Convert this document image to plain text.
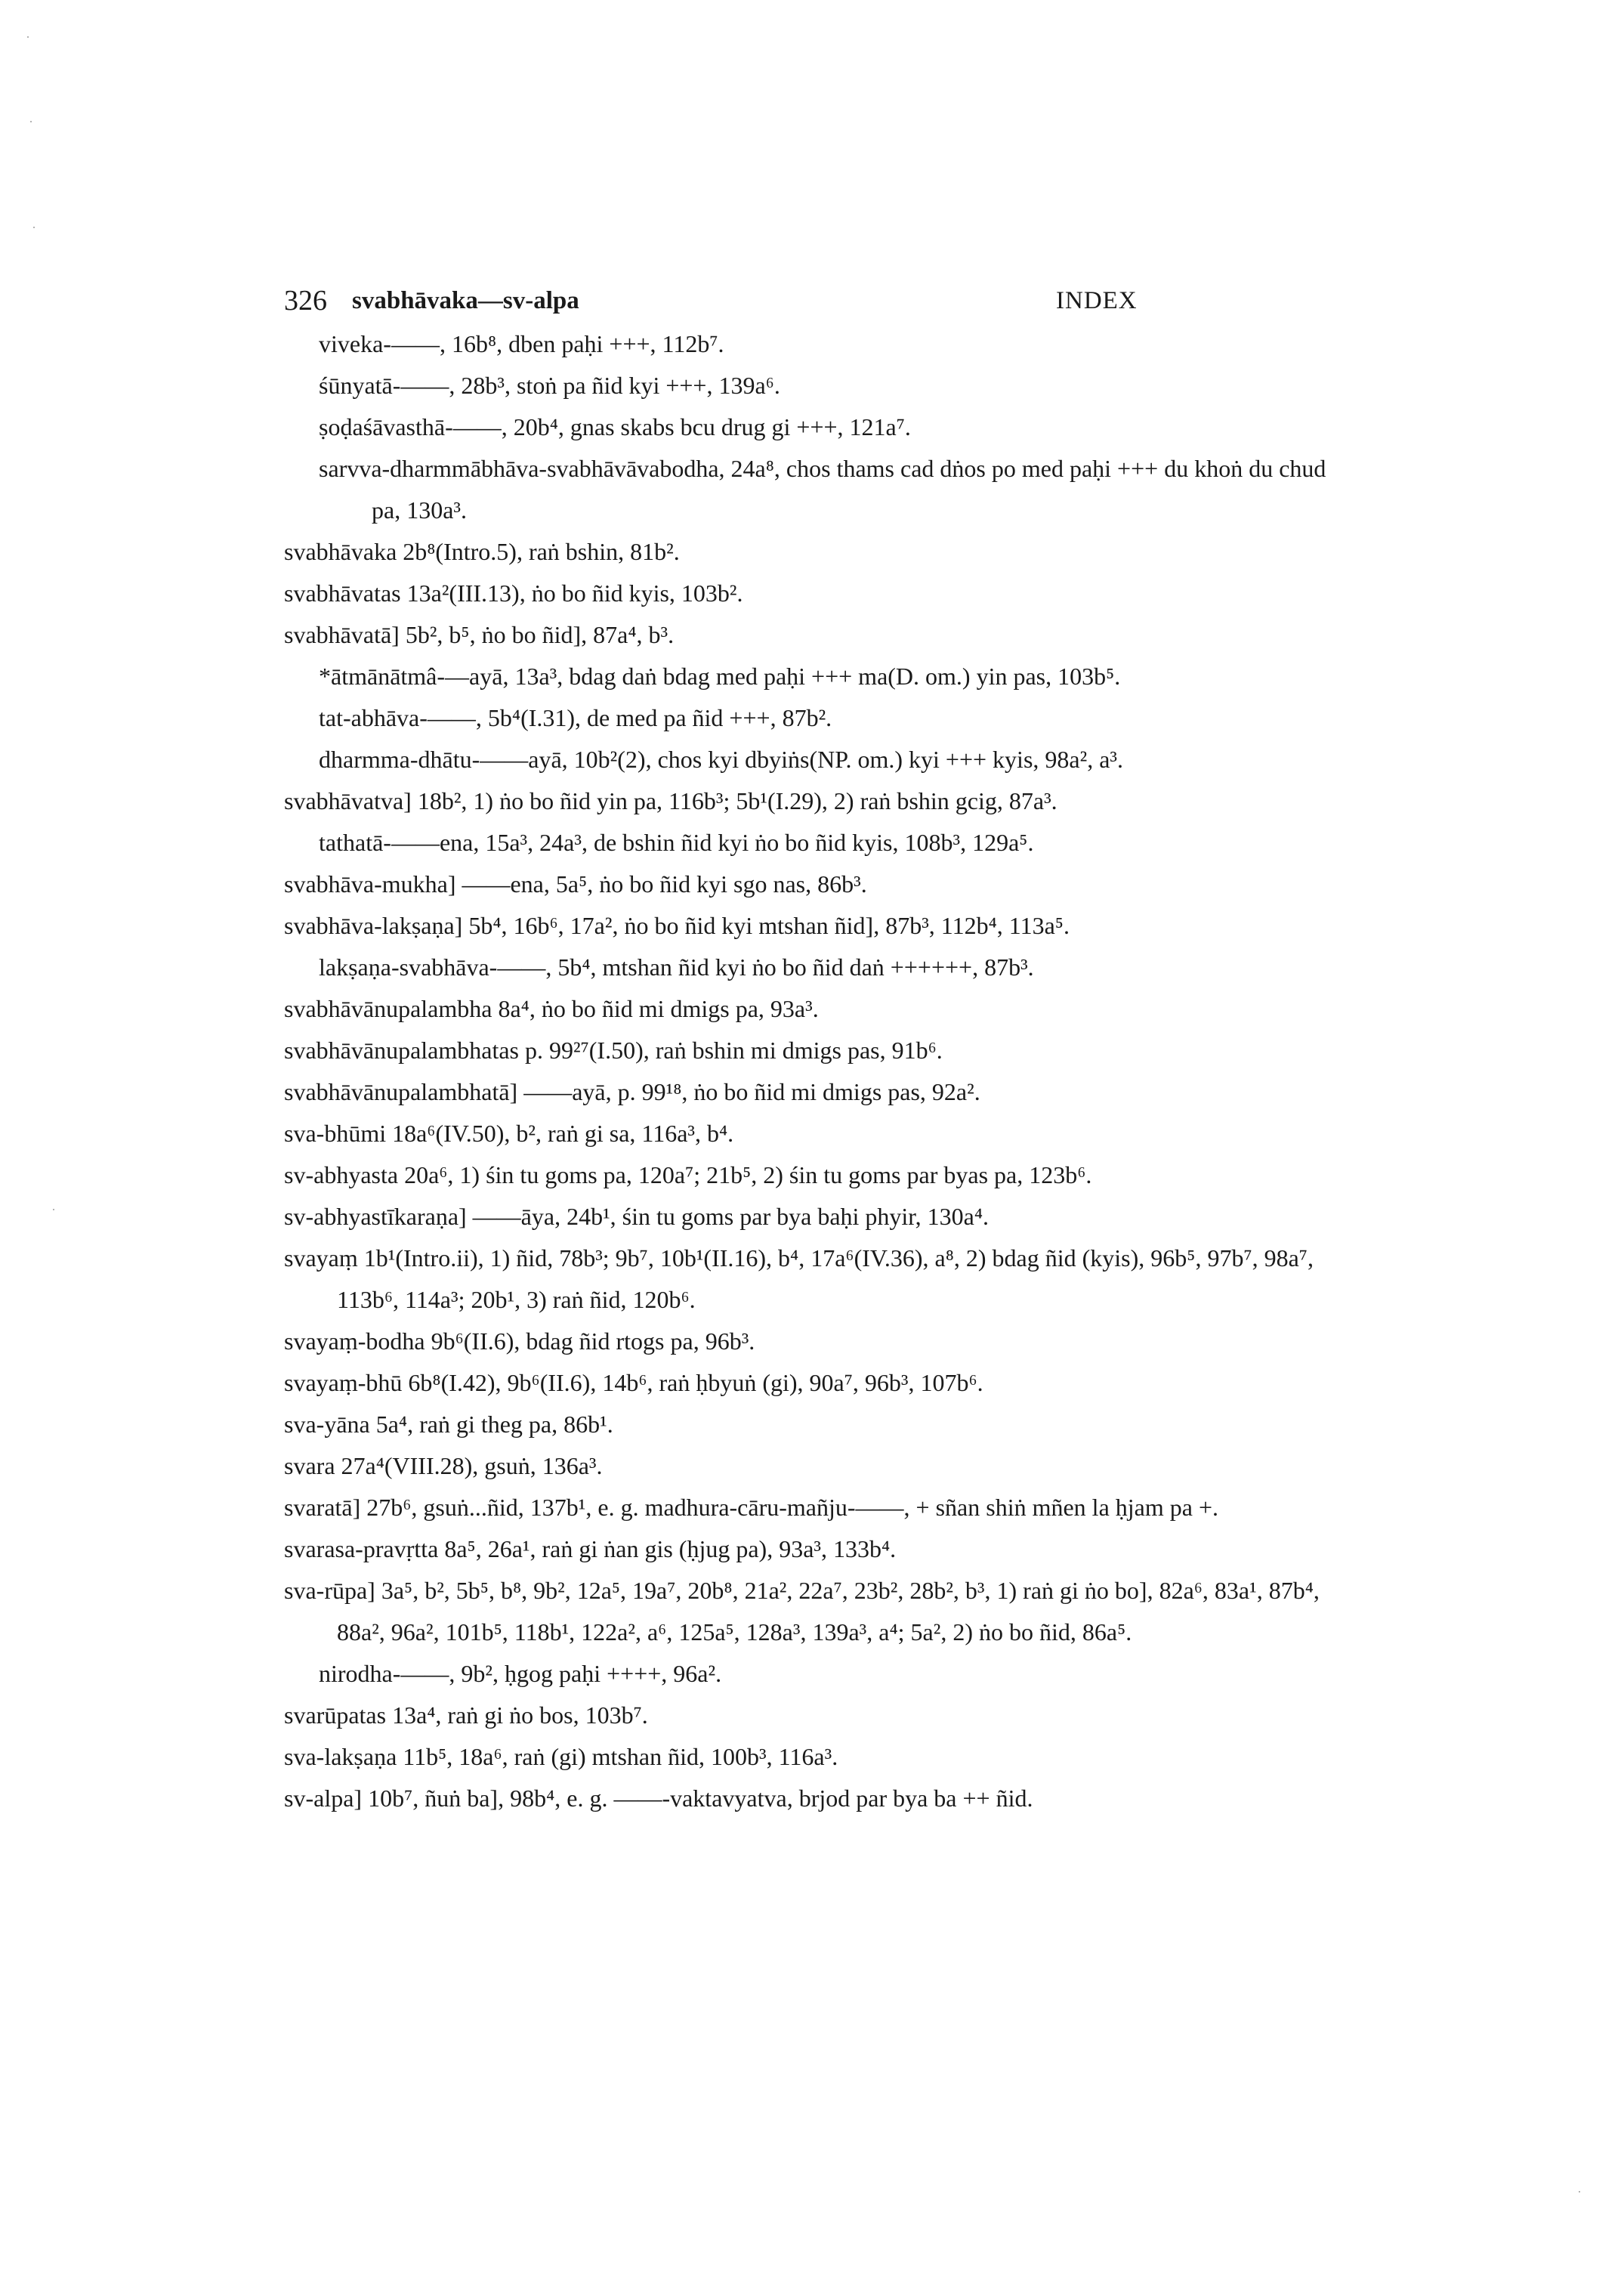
326 svabhāvaka—sv-alpa	INDEX

viveka-——, 16b⁸, dben paḥi +++, 112b⁷.

śūnyatā-——, 28b³, stoṅ pa ñid kyi +++, 139a⁶.

ṣoḍaśāvasthā-——, 20b⁴, gnas skabs bcu drug gi +++, 121a⁷.

sarvva-dharmmābhāva-svabhāvāvabodha, 24a⁸, chos thams cad dṅos po med paḥi +++ du khoṅ du chud pa, 130a³.

svabhāvaka 2b⁸(Intro.5), raṅ bshin, 81b².

svabhāvatas 13a²(III.13), ṅo bo ñid kyis, 103b².

svabhāvatā] 5b², b⁵, ṅo bo ñid], 87a⁴, b³.

*ātmānātmâ-—ayā, 13a³, bdag daṅ bdag med paḥi +++ ma(D. om.) yin pas, 103b⁵.

tat-abhāva-——, 5b⁴(I.31), de med pa ñid +++, 87b².

dharmma-dhātu-——ayā, 10b²(2), chos kyi dbyiṅs(NP. om.) kyi +++ kyis, 98a², a³.

svabhāvatva] 18b², 1) ṅo bo ñid yin pa, 116b³; 5b¹(I.29), 2) raṅ bshin gcig, 87a³.

tathatā-——ena, 15a³, 24a³, de bshin ñid kyi ṅo bo ñid kyis, 108b³, 129a⁵.

svabhāva-mukha] ——ena, 5a⁵, ṅo bo ñid kyi sgo nas, 86b³.

svabhāva-lakṣaṇa] 5b⁴, 16b⁶, 17a², ṅo bo ñid kyi mtshan ñid], 87b³, 112b⁴, 113a⁵.

lakṣaṇa-svabhāva-——, 5b⁴, mtshan ñid kyi ṅo bo ñid daṅ ++++++, 87b³.

svabhāvānupalambha 8a⁴, ṅo bo ñid mi dmigs pa, 93a³.

svabhāvānupalambhatas p. 99²⁷(I.50), raṅ bshin mi dmigs pas, 91b⁶.

svabhāvānupalambhatā] ——ayā, p. 99¹⁸, ṅo bo ñid mi dmigs pas, 92a².

sva-bhūmi 18a⁶(IV.50), b², raṅ gi sa, 116a³, b⁴.

sv-abhyasta 20a⁶, 1) śin tu goms pa, 120a⁷; 21b⁵, 2) śin tu goms par byas pa, 123b⁶.

sv-abhyastīkaraṇa] ——āya, 24b¹, śin tu goms par bya baḥi phyir, 130a⁴.

svayaṃ 1b¹(Intro.ii), 1) ñid, 78b³; 9b⁷, 10b¹(II.16), b⁴, 17a⁶(IV.36), a⁸, 2) bdag ñid (kyis), 96b⁵, 97b⁷, 98a⁷, 113b⁶, 114a³; 20b¹, 3) raṅ ñid, 120b⁶.

svayaṃ-bodha 9b⁶(II.6), bdag ñid rtogs pa, 96b³.

svayaṃ-bhū 6b⁸(I.42), 9b⁶(II.6), 14b⁶, raṅ ḥbyuṅ (gi), 90a⁷, 96b³, 107b⁶.

sva-yāna 5a⁴, raṅ gi theg pa, 86b¹.

svara 27a⁴(VIII.28), gsuṅ, 136a³.

svaratā] 27b⁶, gsuṅ...ñid, 137b¹, e. g. madhura-cāru-mañju-——, + sñan shiṅ mñen la ḥjam pa +.

svarasa-pravṛtta 8a⁵, 26a¹, raṅ gi ṅan gis (ḥjug pa), 93a³, 133b⁴.

sva-rūpa] 3a⁵, b², 5b⁵, b⁸, 9b², 12a⁵, 19a⁷, 20b⁸, 21a², 22a⁷, 23b², 28b², b³, 1) raṅ gi ṅo bo], 82a⁶, 83a¹, 87b⁴, 88a², 96a², 101b⁵, 118b¹, 122a², a⁶, 125a⁵, 128a³, 139a³, a⁴; 5a², 2) ṅo bo ñid, 86a⁵.

nirodha-——, 9b², ḥgog paḥi ++++, 96a².

svarūpatas 13a⁴, raṅ gi ṅo bos, 103b⁷.

sva-lakṣaṇa 11b⁵, 18a⁶, raṅ (gi) mtshan ñid, 100b³, 116a³.

sv-alpa] 10b⁷, ñuṅ ba], 98b⁴, e. g. ——-vaktavyatva, brjod par bya ba ++ ñid.
